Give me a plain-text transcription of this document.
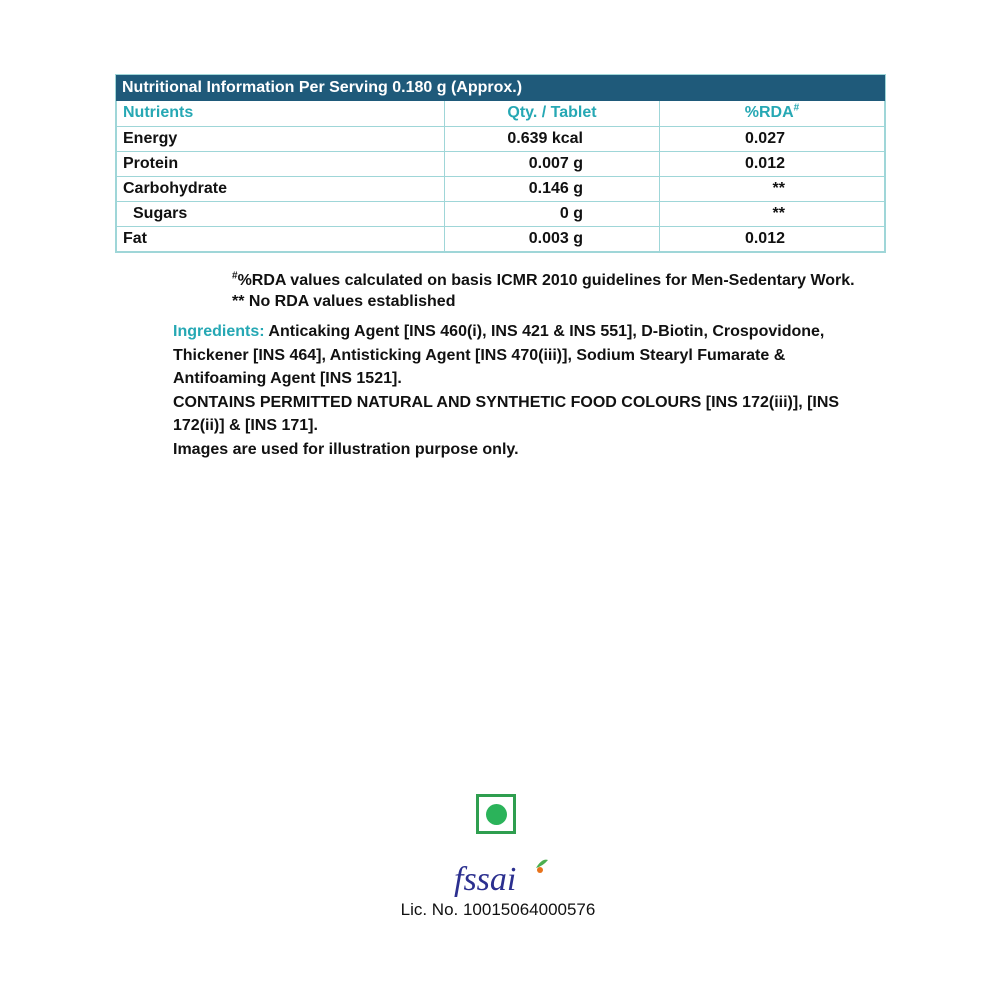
Nutritional Information Per Serving 0.180 g (Approx.)
Nutrients	Qty. / Tablet	%RDA#
Energy	0.639 kcal	0.027
Protein	0.007 g	0.012
Carbohydrate	0.146 g	**
Sugars	0 g	**
Fat	0.003 g	0.012
#%RDA values calculated on basis ICMR 2010 guidelines for Men-Sedentary Work.
** No RDA values established
Ingredients: Anticaking Agent [INS 460(i), INS 421 & INS 551], D-Biotin, Crospovidone, Thickener [INS 464], Antisticking Agent [INS 470(iii)], Sodium Stearyl Fumarate & Antifoaming Agent [INS 1521].
CONTAINS PERMITTED NATURAL AND SYNTHETIC FOOD COLOURS [INS 172(iii)], [INS 172(ii)] & [INS 171].
Images are used for illustration purpose only.
fssai
Lic. No. 10015064000576
